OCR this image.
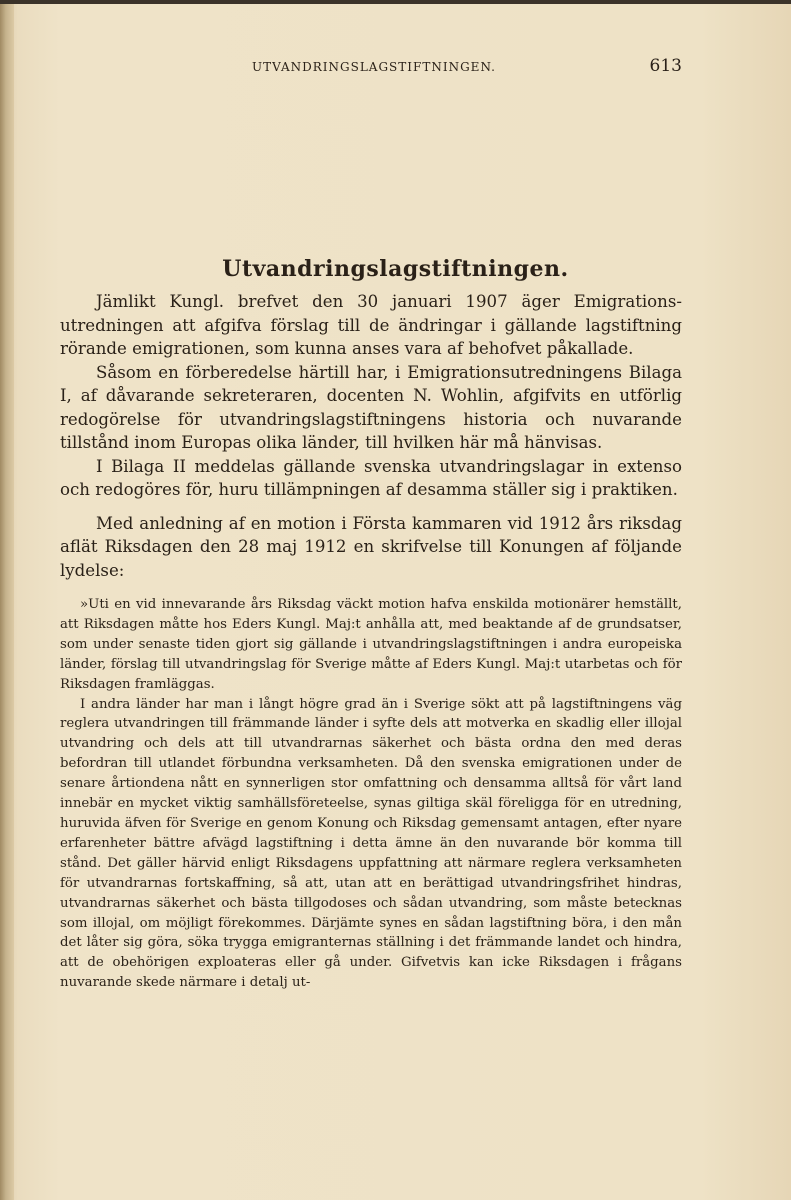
UTVANDRINGSLAGSTIFTNINGEN.	613
Utvandringslagstiftningen.

Jämlikt Kungl. brefvet den 30 januari 1907 äger Emigrations-utredningen att afgifva förslag till de ändringar i gällande lagstiftning rörande emigrationen, som kunna anses vara af behofvet påkallade.

Såsom en förberedelse härtill har, i Emigrationsutredningens Bilaga I, af dåvarande sekreteraren, docenten N. Wohlin, afgifvits en utförlig redogörelse för utvandringslagstiftningens historia och nuvarande tillstånd inom Europas olika länder, till hvilken här må hänvisas.

I Bilaga II meddelas gällande svenska utvandringslagar in extenso och redogöres för, huru tillämpningen af desamma ställer sig i praktiken.

Med anledning af en motion i Första kammaren vid 1912 års riksdag aflät Riksdagen den 28 maj 1912 en skrifvelse till Konungen af följande lydelse:

»Uti en vid innevarande års Riksdag väckt motion hafva enskilda motionärer hemställt, att Riksdagen måtte hos Eders Kungl. Maj:t anhålla att, med beaktande af de grundsatser, som under senaste tiden gjort sig gällande i utvandringslagstiftningen i andra europeiska länder, förslag till utvandringslag för Sverige måtte af Eders Kungl. Maj:t utarbetas och för Riksdagen framläggas.

I andra länder har man i långt högre grad än i Sverige sökt att på lagstiftningens väg reglera utvandringen till främmande länder i syfte dels att motverka en skadlig eller illojal utvandring och dels att till utvandrarnas säkerhet och bästa ordna den med deras befordran till utlandet förbundna verksamheten. Då den svenska emigrationen under de senare årtiondena nått en synnerligen stor omfattning och densamma alltså för vårt land innebär en mycket viktig samhällsföreteelse, synas giltiga skäl föreligga för en utredning, huruvida äfven för Sverige en genom Konung och Riksdag gemensamt antagen, efter nyare erfarenheter bättre afvägd lagstiftning i detta ämne än den nuvarande bör komma till stånd. Det gäller härvid enligt Riksdagens uppfattning att närmare reglera verksamheten för utvandrarnas fortskaffning, så att, utan att en berättigad utvandringsfrihet hindras, utvandrarnas säkerhet och bästa tillgodoses och sådan utvandring, som måste betecknas som illojal, om möjligt förekommes. Därjämte synes en sådan lagstiftning böra, i den mån det låter sig göra, söka trygga emigranternas ställning i det främmande landet och hindra, att de obehörigen exploateras eller gå under. Gifvetvis kan icke Riksdagen i frågans nuvarande skede närmare i detalj ut-
